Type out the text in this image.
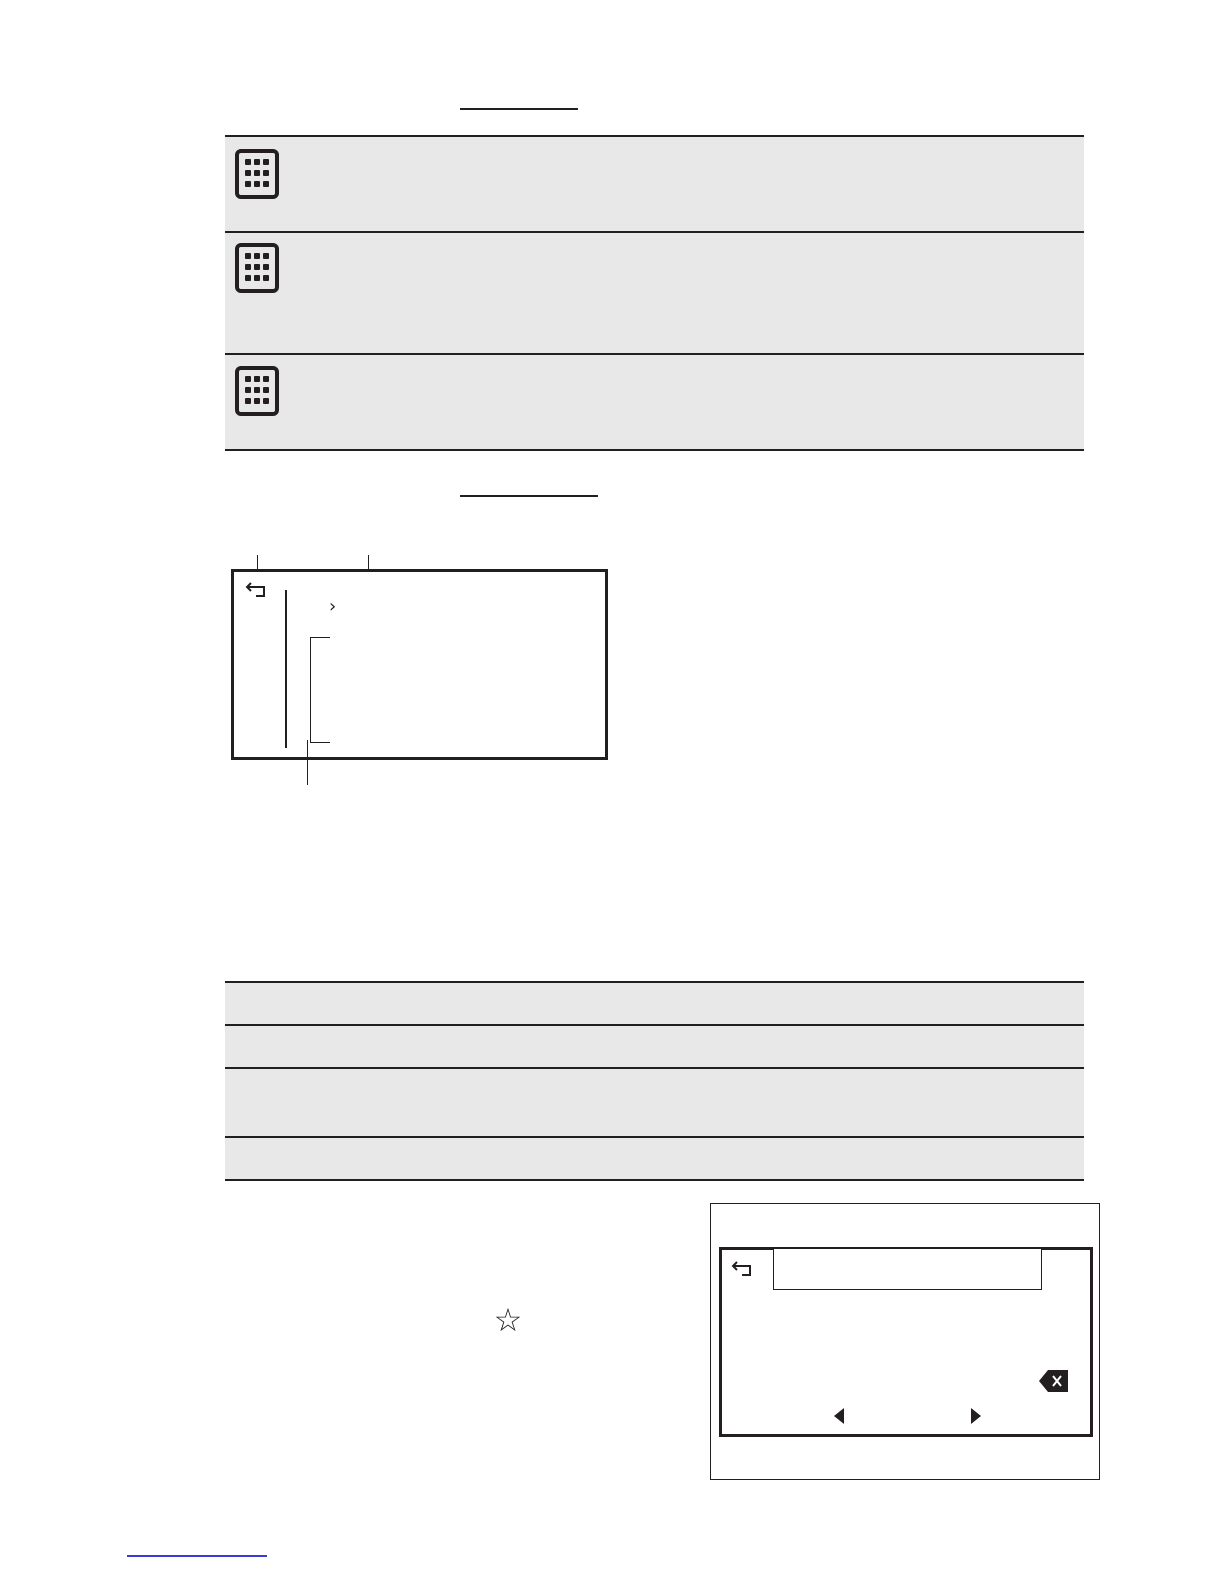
›
☆
